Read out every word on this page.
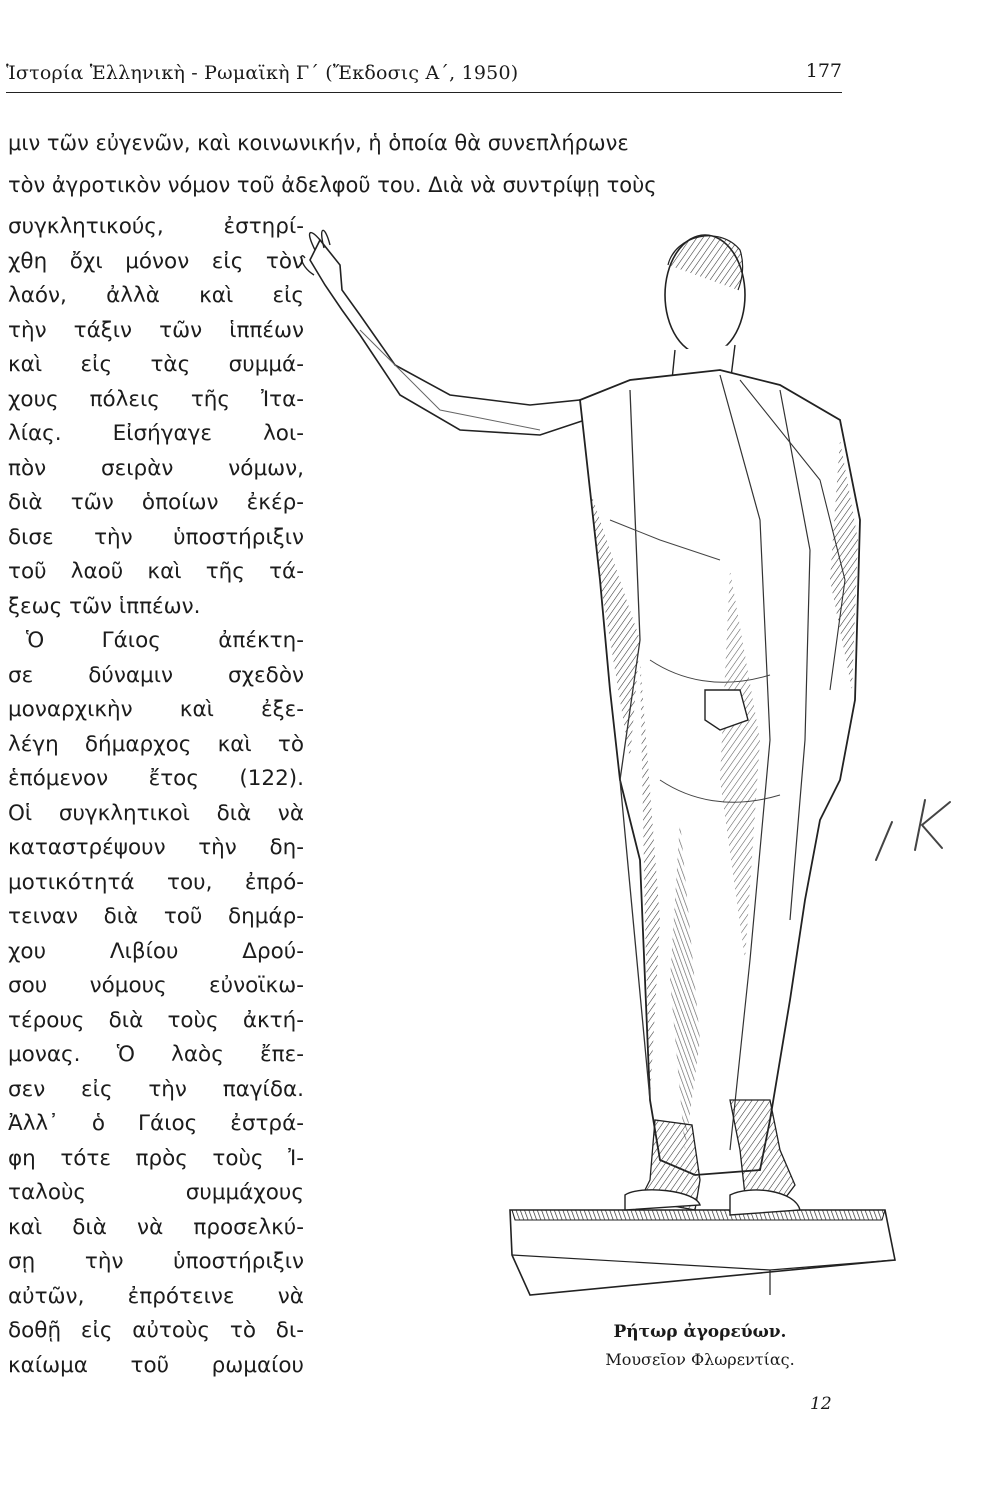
Ἱστορία Ἑλληνικὴ - Ρωμαϊκὴ Γ΄ (Ἔκδοσις Α΄, 1950)	177
μιν τῶν εὐγενῶν, καὶ κοινωνικήν, ἡ ὁποία θὰ συνεπλήρωνε
τὸν ἀγροτικὸν νόμον τοῦ ἀδελφοῦ του. Διὰ νὰ συντρίψῃ τοὺς
συγκλητικούς, ἐστηρί-
χθη ὄχι μόνον εἰς τὸν
λαόν, ἀλλὰ καὶ εἰς
τὴν τάξιν τῶν ἱππέων
καὶ εἰς τὰς συμμά-
χους πόλεις τῆς Ἰτα-
λίας. Εἰσήγαγε λοι-
πὸν σειρὰν νόμων,
διὰ τῶν ὁποίων ἐκέρ-
δισε τὴν ὑποστήριξιν
τοῦ λαοῦ καὶ τῆς τά-
ξεως τῶν ἱππέων.
Ὁ Γάιος ἀπέκτη-
σε δύναμιν σχεδὸν
μοναρχικὴν καὶ ἐξε-
λέγη δήμαρχος καὶ τὸ
ἑπόμενον ἔτος (122).
Οἱ συγκλητικοὶ διὰ νὰ
καταστρέψουν τὴν δη-
μοτικότητά του, ἐπρό-
τειναν διὰ τοῦ δημάρ-
χου Λιβίου Δρού-
σου νόμους εὐνοϊκω-
τέρους διὰ τοὺς ἀκτή-
μονας. Ὁ λαὸς ἔπε-
σεν εἰς τὴν παγίδα.
Ἀλλ᾽ ὁ Γάιος ἐστρά-
φη τότε πρὸς τοὺς Ἰ-
ταλοὺς συμμάχους
καὶ διὰ νὰ προσελκύ-
σῃ τὴν ὑποστήριξιν
αὐτῶν, ἐπρότεινε νὰ
δοθῇ εἰς αὐτοὺς τὸ δι-
καίωμα τοῦ ρωμαίου
Ρήτωρ ἀγορεύων.
Μουσεῖον Φλωρεντίας.
12
